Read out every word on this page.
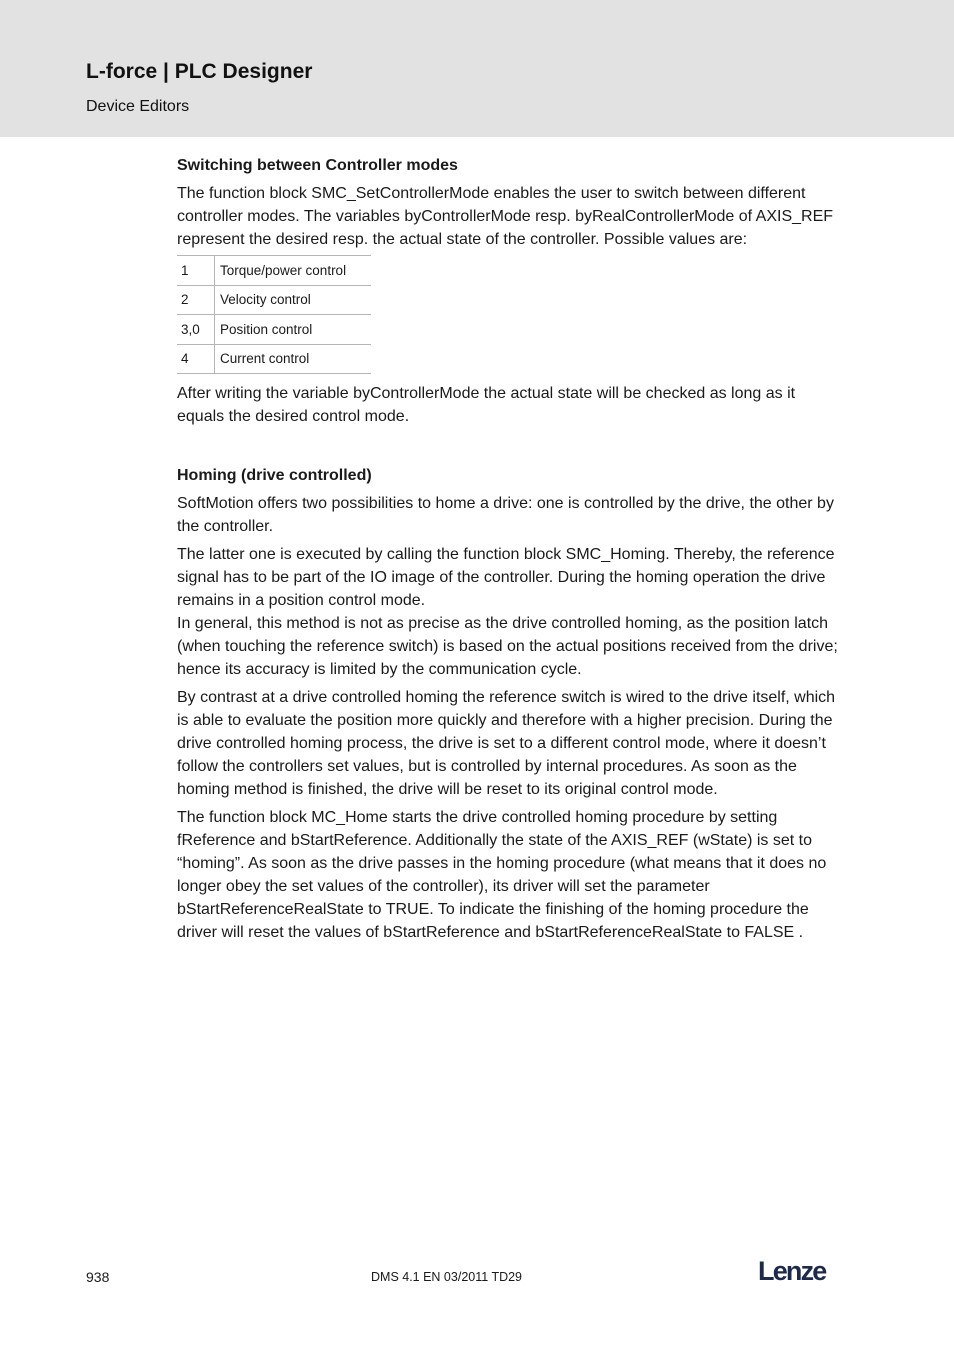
L-force | PLC Designer
Device Editors
Switching between Controller modes

The function block SMC_SetControllerMode enables the user to switch between different controller modes. The variables byControllerMode resp. byRealControllerMode of AXIS_REF represent the desired resp. the actual state of the controller. Possible values are:

1	Torque/power control
2	Velocity control
3,0	Position control
4	Current control

After writing the variable byControllerMode the actual state will be checked as long as it equals the desired control mode.

Homing (drive controlled)

SoftMotion offers two possibilities to home a drive: one is controlled by the drive, the other by the controller.

The latter one is executed by calling the function block SMC_Homing. Thereby, the reference signal has to be part of the IO image of the controller. During the homing operation the drive remains in a position control mode.

In general, this method is not as precise as the drive controlled homing, as the position latch (when touching the reference switch) is based on the actual positions received from the drive; hence its accuracy is limited by the communication cycle.

By contrast at a drive controlled homing the reference switch is wired to the drive itself, which is able to evaluate the position more quickly and therefore with a higher precision. During the drive controlled homing process, the drive is set to a different control mode, where it doesn’t follow the controllers set values, but is controlled by internal procedures. As soon as the homing method is finished, the drive will be reset to its original control mode.

The function block MC_Home starts the drive controlled homing procedure by setting fReference and bStartReference. Additionally the state of the AXIS_REF (wState) is set to “homing”. As soon as the drive passes in the homing procedure (what means that it does no longer obey the set values of the controller), its driver will set the parameter bStartReferenceRealState to TRUE. To indicate the finishing of the homing procedure the driver will reset the values of bStartReference and bStartReferenceRealState to FALSE .

938	DMS 4.1 EN 03/2011 TD29	Lenze
